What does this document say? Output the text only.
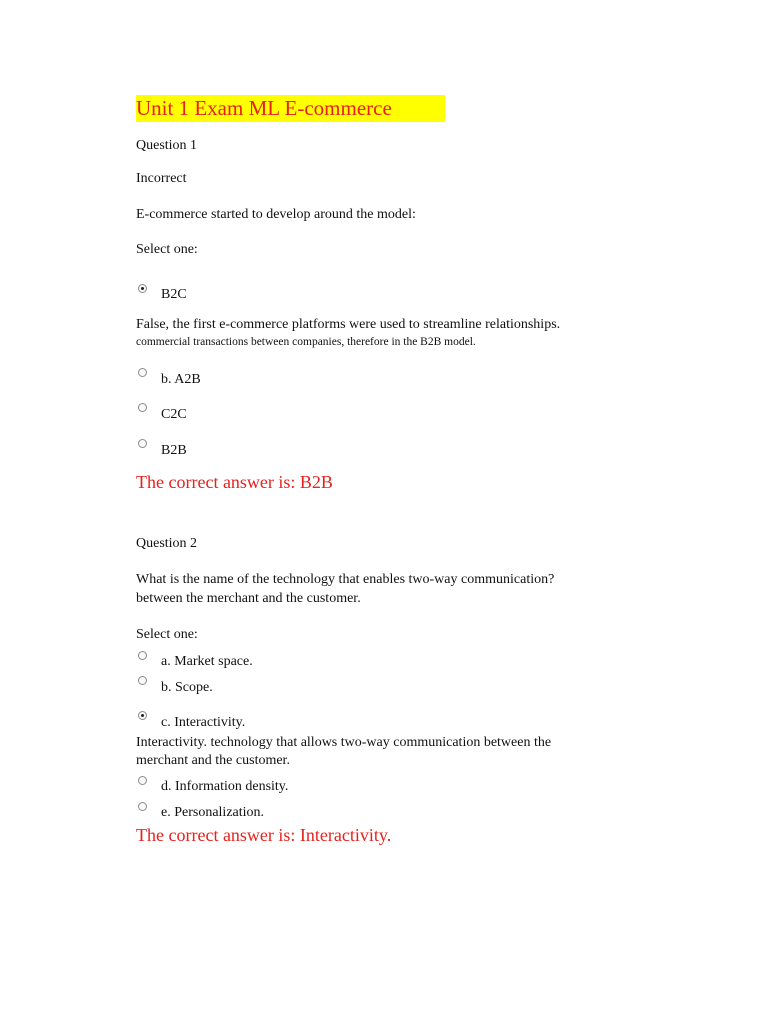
Unit 1 Exam ML E-commerce
Question 1
Incorrect
E-commerce started to develop around the model:
Select one:
B2C
False, the first e-commerce platforms were used to streamline relationships.
commercial transactions between companies, therefore in the B2B model.
b. A2B
C2C
B2B
The correct answer is: B2B
Question 2
What is the name of the technology that enables two-way communication?
between the merchant and the customer.
Select one:
a. Market space.
b. Scope.
c. Interactivity.
Interactivity. technology that allows two-way communication between the
merchant and the customer.
d. Information density.
e. Personalization.
The correct answer is: Interactivity.
